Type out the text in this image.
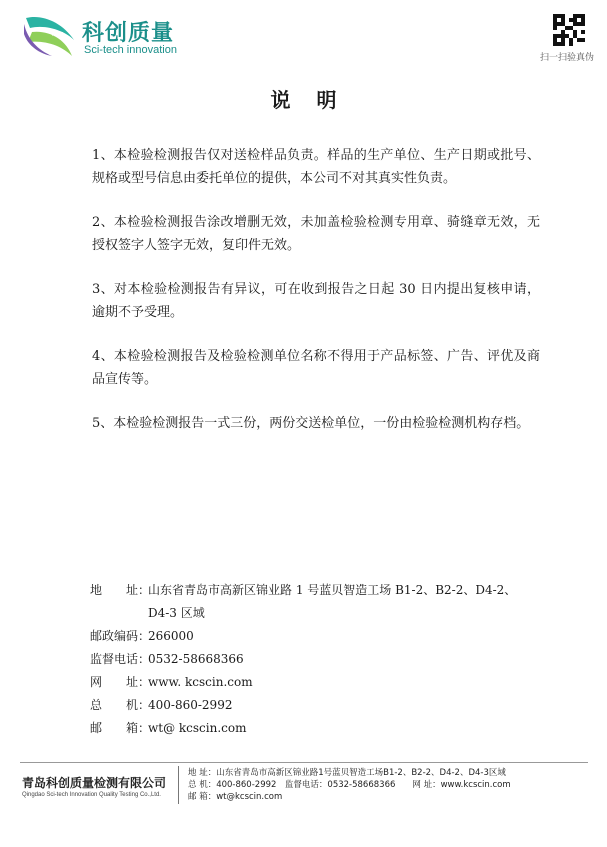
KCZL 科创质量
Sci-tech innovation
扫一扫验真伪
说明

1、本检验检测报告仅对送检样品负责。样品的生产单位、生产日期或批号、规格或型号信息由委托单位的提供，本公司不对其真实性负责。

2、本检验检测报告涂改增删无效，未加盖检验检测专用章、骑缝章无效，无授权签字人签字无效，复印件无效。

3、对本检验检测报告有异议，可在收到报告之日起 30 日内提出复核申请，逾期不予受理。

4、本检验检测报告及检验检测单位名称不得用于产品标签、广告、评优及商品宣传等。

5、本检验检测报告一式三份，两份交送检单位，一份由检验检测机构存档。

地　　址：山东省青岛市高新区锦业路 1 号蓝贝智造工场 B1-2、B2-2、D4-2、D4-3 区域
邮政编码：266000
监督电话：0532-58668366
网　　址：www. kcscin.com
总　　机：400-860-2992
邮　　箱：wt@ kcscin.com
青岛科创质量检测有限公司
Qingdao Sci-tech Innovation Quality Testing Co.,Ltd.
地 址：山东省青岛市高新区锦业路1号蓝贝智造工场B1-2、B2-2、D4-2、D4-3区域
总 机：400-860-2992　监督电话：0532-58668366　　网 址：www.kcscin.com
邮 箱：wt@kcscin.com
